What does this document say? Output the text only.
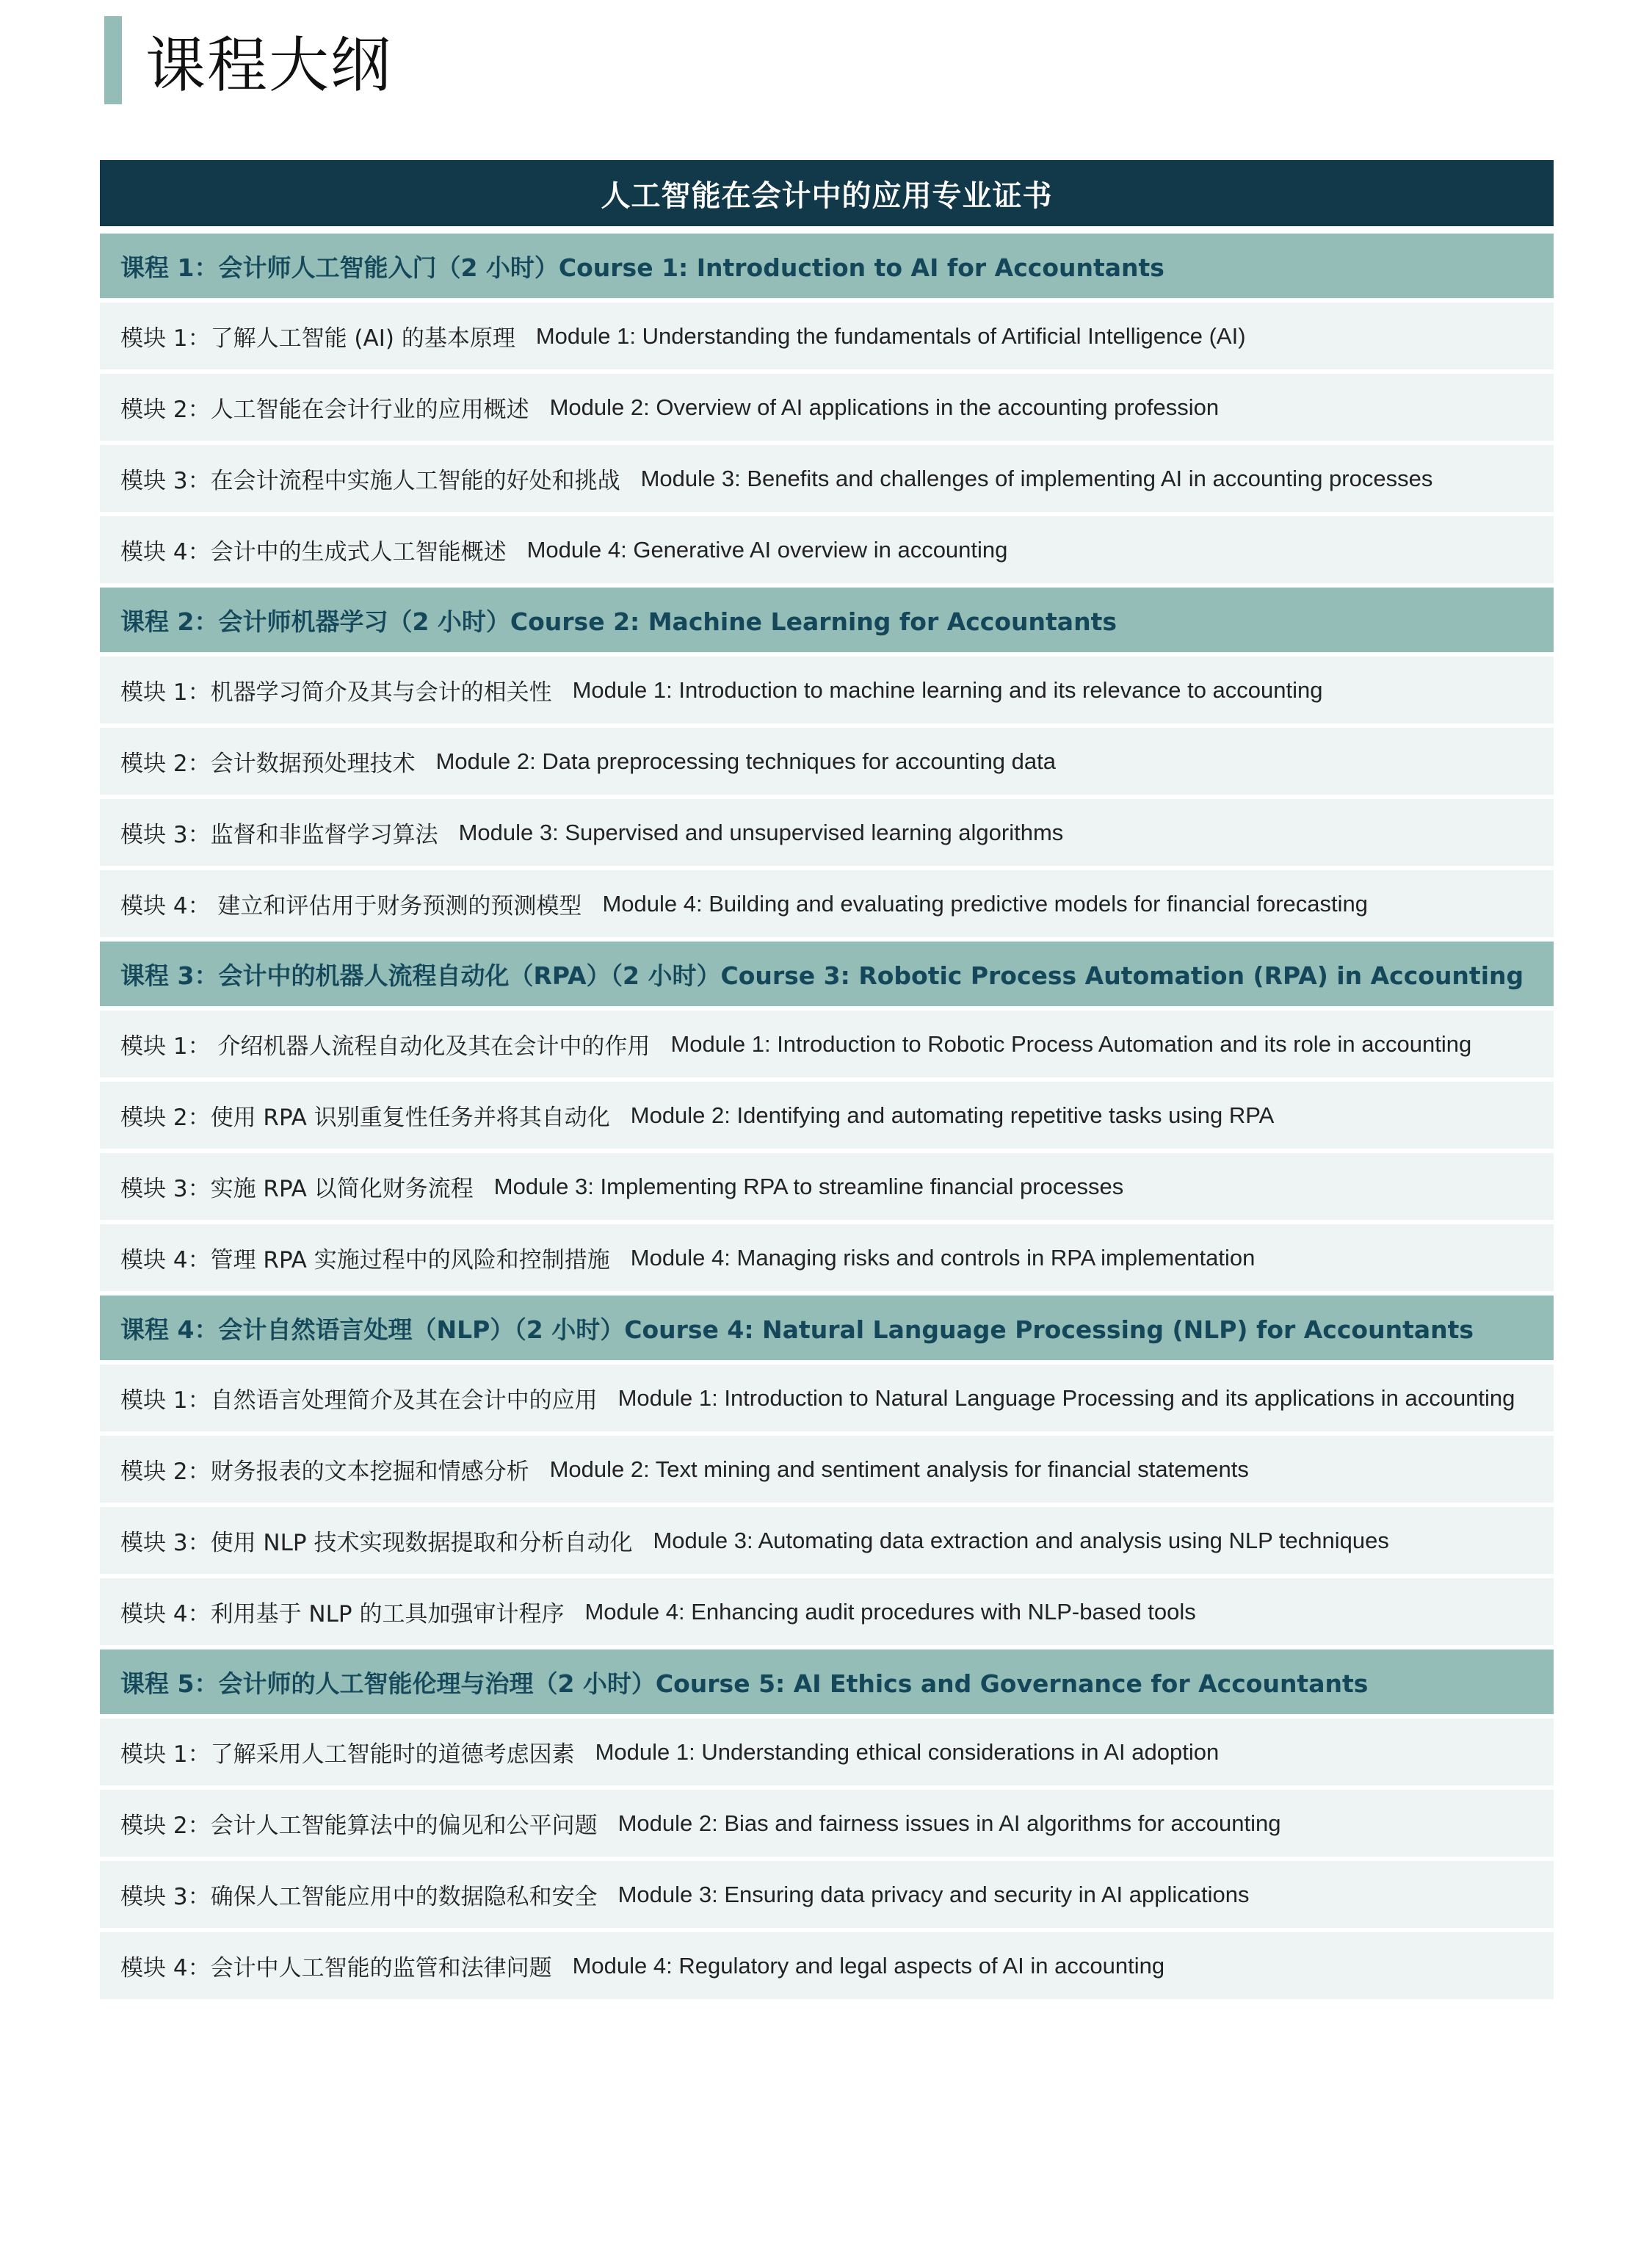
课程大纲
人工智能在会计中的应用专业证书
课程 1：会计师人工智能入门（2 小时）Course 1: Introduction to AI for Accountants
模块 1：了解人工智能 (AI) 的基本原理 Module 1: Understanding the fundamentals of Artificial Intelligence (AI)
模块 2：人工智能在会计行业的应用概述 Module 2: Overview of AI applications in the accounting profession
模块 3：在会计流程中实施人工智能的好处和挑战 Module 3: Benefits and challenges of implementing AI in accounting processes
模块 4：会计中的生成式人工智能概述 Module 4: Generative AI overview in accounting
课程 2：会计师机器学习（2 小时）Course 2: Machine Learning for Accountants
模块 1：机器学习简介及其与会计的相关性 Module 1: Introduction to machine learning and its relevance to accounting
模块 2：会计数据预处理技术 Module 2: Data preprocessing techniques for accounting data
模块 3：监督和非监督学习算法 Module 3: Supervised and unsupervised learning algorithms
模块 4： 建立和评估用于财务预测的预测模型 Module 4: Building and evaluating predictive models for financial forecasting
课程 3：会计中的机器人流程自动化（RPA）（2 小时）Course 3: Robotic Process Automation (RPA) in Accounting
模块 1： 介绍机器人流程自动化及其在会计中的作用 Module 1: Introduction to Robotic Process Automation and its role in accounting
模块 2：使用 RPA 识别重复性任务并将其自动化 Module 2: Identifying and automating repetitive tasks using RPA
模块 3：实施 RPA 以简化财务流程 Module 3: Implementing RPA to streamline financial processes
模块 4：管理 RPA 实施过程中的风险和控制措施 Module 4: Managing risks and controls in RPA implementation
课程 4：会计自然语言处理（NLP）（2 小时）Course 4: Natural Language Processing (NLP) for Accountants
模块 1：自然语言处理简介及其在会计中的应用 Module 1: Introduction to Natural Language Processing and its applications in accounting
模块 2：财务报表的文本挖掘和情感分析 Module 2: Text mining and sentiment analysis for financial statements
模块 3：使用 NLP 技术实现数据提取和分析自动化 Module 3: Automating data extraction and analysis using NLP techniques
模块 4：利用基于 NLP 的工具加强审计程序 Module 4: Enhancing audit procedures with NLP-based tools
课程 5：会计师的人工智能伦理与治理（2 小时）Course 5: AI Ethics and Governance for Accountants
模块 1：了解采用人工智能时的道德考虑因素 Module 1: Understanding ethical considerations in AI adoption
模块 2：会计人工智能算法中的偏见和公平问题 Module 2: Bias and fairness issues in AI algorithms for accounting
模块 3：确保人工智能应用中的数据隐私和安全 Module 3: Ensuring data privacy and security in AI applications
模块 4：会计中人工智能的监管和法律问题 Module 4: Regulatory and legal aspects of AI in accounting
